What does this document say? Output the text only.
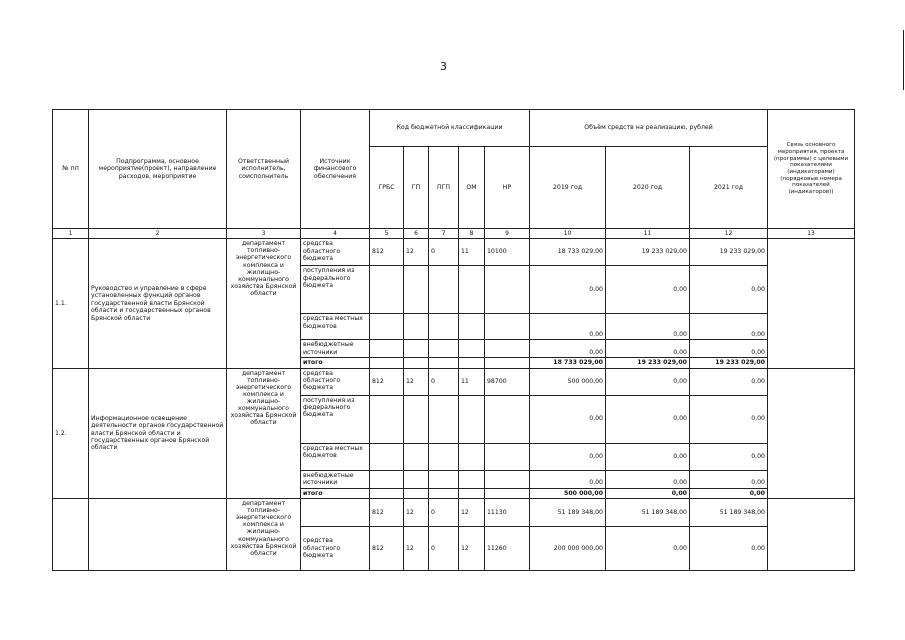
3
№ пп	Подпрограмма, основное мероприятие(проект), направление расходов, мероприятие	Ответственный исполнитель, соисполнитель	Источник финансового обеспечения	Код бюджетной классификации					Объём средств на реализацию, рублей			Связь основного мероприятия, проекта (программы) с целевыми показателями (индикаторами) (порядковые номера показателей (индикаторов))
				ГРБС	ГП	ПГП	ОМ	НР	2019 год	2020 год	2021 год	
1	2	3	4	5	6	7	8	9	10	11	12	13
1.1.	Руководство и управление в сфере установленных функций органов государственной власти Брянской области и государственных органов Брянской области	департамент топливно-энергетического комплекса и жилищно-коммунального хозяйства Брянской области	средства областного бюджета	812	12	0	11	10100	18 733 029,00	19 233 029,00	19 233 029,00	
			поступления из федерального бюджета						0,00	0,00	0,00	
			средства местных бюджетов						0,00	0,00	0,00	
			внебюджетные источники						0,00	0,00	0,00	
			итого						18 733 029,00	19 233 029,00	19 233 029,00	
1.2.	Информационное освещение деятельности органов государственной власти Брянской области и государственных органов Брянской области	департамент топливно-энергетического комплекса и жилищно-коммунального хозяйства Брянской области	средства областного бюджета	812	12	0	11	98700	500 000,00	0,00	0,00	
			поступления из федерального бюджета						0,00	0,00	0,00	
			средства местных бюджетов						0,00	0,00	0,00	
			внебюджетные источники						0,00	0,00	0,00	
			итого						500 000,00	0,00	0,00	
		департамент топливно-энергетического комплекса и жилищно-коммунального хозяйства Брянской области		812	12	0	12	11130	51 189 348,00	51 189 348,00	51 189 348,00	
			средства областного бюджета	812	12	0	12	11260	200 000 000,00	0,00	0,00	
